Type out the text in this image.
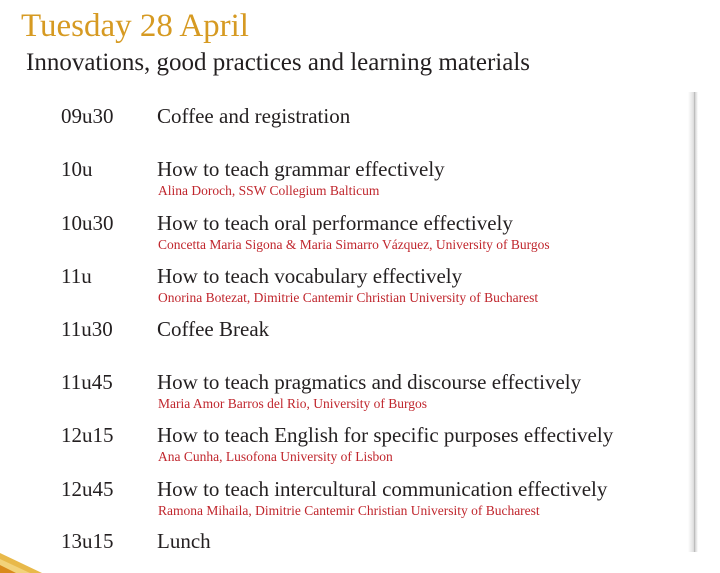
Tuesday 28 April
Innovations, good practices and learning materials
09u30 Coffee and registration
10u	How to teach grammar effectively
Alina Doroch, SSW Collegium Balticum
10u30 How to teach oral performance effectively
Concetta Maria Sigona & Maria Simarro Vázquez, University of Burgos
11u	How to teach vocabulary effectively
Onorina Botezat, Dimitrie Cantemir Christian University of Bucharest
11u30 Coffee Break
11u45 How to teach pragmatics and discourse effectively
Maria Amor Barros del Rio, University of Burgos
12u15 How to teach English for specific purposes effectively
Ana Cunha, Lusofona University of Lisbon
12u45 How to teach intercultural communication effectively
Ramona Mihaila, Dimitrie Cantemir Christian University of Bucharest
13u15 Lunch
